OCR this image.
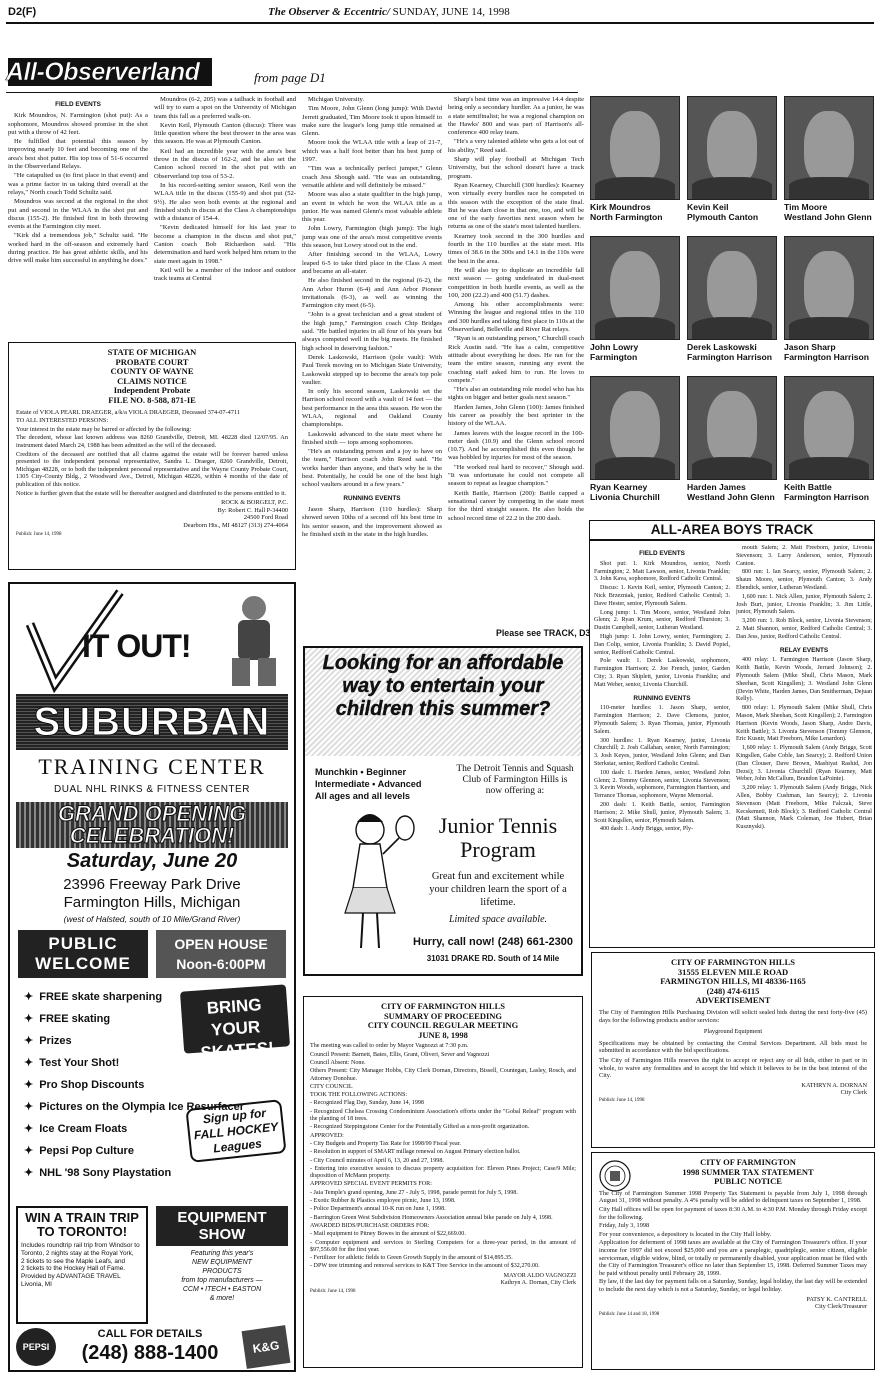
D2(F)	The Observer & Eccentric/ SUNDAY, JUNE 14, 1998
All-Observerland	from page D1

FIELD EVENTS

Kirk Moundros, N. Farmington (shot put): As a sophomore, Moundros showed promise in the shot put with a throw of 42 feet.

He fulfilled that potential this season by improving nearly 10 feet and becoming one of the area's best shot putter. His top toss of 51-6 occurred in the Observerland Relays.

"He catapulted us (to first place in that event) and was a prime factor in us taking third overall at the relays," North coach Todd Schultz said.

Moundros was second at the regional in the shot put and second in the WLAA in the shot put and discus (155-2). He finished first in both throwing events at the Farmington city meet.

"Kirk did a tremendous job," Schultz said. "He worked hard in the off-season and extremely hard during practice. He has great athletic skills, and his drive will make him successful in anything he does."

Moundros (6-2, 205) was a tailback in football and will try to earn a spot on the University of Michigan team this fall as a preferred walk-on.

Kevin Keil, Plymouth Canton (discus): There was little question where the best thrower in the area was this season. He was at Plymouth Canton.

Keil had an incredible year with the area's best throw in the discus of 162-2, and he also set the Canton school record in the shot put with an Observerland top toss of 53-2.

In his record-setting senior season, Keil won the WLAA title in the discus (155-9) and shot put (52-9½). He also won both events at the regional and finished sixth in discus at the Class A championships with a distance of 154-4.

"Kevin dedicated himself for his last year to become a champion in the discus and shot put," Canton coach Bob Richardson said. "His determination and hard work helped him return to the state meet again in 1998."

Keil will be a member of the indoor and outdoor track teams at Central

Michigan University.

Tim Moore, John Glenn (long jump): With David Jerrett graduated, Tim Moore took it upon himself to make sure the league's long jump title remained at Glenn.

Moore took the WLAA title with a leap of 21-7, which was a half foot better than his best jump of 1997.

"Tim was a technically perfect jumper," Glenn coach Jess Shough said. "He was an outstanding, versatile athlete and will definitely be missed."

Moore was also a state qualifier in the high jump, an event in which he won the WLAA title as a junior. He was named Glenn's most valuable athlete this year.

John Lowry, Farmington (high jump): The high jump was one of the area's most competitive events this season, but Lowry stood out in the end.

After finishing second in the WLAA, Lowry leaped 6-5 to take third place in the Class A meet and became an all-stater.

He also finished second in the regional (6-2), the Ann Arbor Huron (6-4) and Ann Arbor Pioneer invitationals (6-3), as well as winning the Farmington city meet (6-5).

"John is a great technician and a great student of the high jump," Farmington coach Chip Bridges said. "He battled injuries in all four of his years but always competed well in the big meets. He finished high school in deserving fashion."

Derek Laskowski, Harrison (pole vault): With Paul Terek moving on to Michigan State University, Laskowski stepped up to become the area's top pole vaulter.

In only his second season, Laskowski set the Harrison school record with a vault of 14 feet — the best performance in the area this season. He won the WLAA, regional and Oakland County championships.

Laskowski advanced to the state meet where he finished sixth — tops among sophomores.

"He's an outstanding person and a joy to have on the team," Harrison coach John Reed said. "He works harder than anyone, and that's why he is the best. Potentially, he could be one of the best high school vaulters around in a few years."

RUNNING EVENTS

Jason Sharp, Harrison (110 hurdles): Sharp showed seven 10ths of a second off his best time in his senior season, and the improvement showed as he finished sixth in the state in the high hurdles.

Sharp's best time was an impressive 14.4 despite being only a secondary hurdler. As a junior, he was a state semifinalist; he was a regional champion on the Hawks' 800 and was part of Harrison's all-conference 400 relay team.

"He's a very talented athlete who gets a lot out of his ability," Reed said.

Sharp will play football at Michigan Tech University, but the school doesn't have a track program.

Ryan Kearney, Churchill (300 hurdles): Kearney won virtually every hurdles race he competed in this season with the exception of the state final. But he was darn close in that one, too, and will be one of the early favorites next season when he returns as one of the state's most talented hurdlers.

Kearney took second in the 300 hurdles and fourth in the 110 hurdles at the state meet. His times of 38.6 in the 300s and 14.1 in the 110s were the best in the area.

He will also try to duplicate an incredible fall next season — going undefeated in dual-meet competition in both hurdle events, as well as the 100, 200 (22.2) and 400 (51.7) dashes.

Among his other accomplishments were: Winning the league and regional titles in the 110 and 300 hurdles and taking first place in 110s at the Observerland, Belleville and River Rat relays.

"Ryan is an outstanding person," Churchill coach Rick Austin said. "He has a calm, competitive attitude about everything he does. He ran for the team the entire season, running any event the coaching staff asked him to run. He loves to compete."

"He's also an outstanding role model who has his sights on bigger and better goals next season."

Harden James, John Glenn (100): James finished his career as possibly the best sprinter in the history of the WLAA.

James leaves with the league record in the 100-meter dash (10.9) and the Glenn school record (10.7). And he accomplished this even though he was hobbled by injuries for most of the season.

"He worked real hard to recover," Shough said. "It was unfortunate he could not compete all season to repeat as league champion."

Keith Battle, Harrison (200): Battle capped a sensational career by competing in the state meet for the third straight season. He also holds the school record time of 22.2 in the 200 dash.

Please see TRACK, D3
Kirk Moundros
North Farmington
Kevin Keil
Plymouth Canton
Tim Moore
Westland John Glenn
John Lowry
Farmington
Derek Laskowski
Farmington Harrison
Jason Sharp
Farmington Harrison
Ryan Kearney
Livonia Churchill
Harden James
Westland John Glenn
Keith Battle
Farmington Harrison
ALL-AREA BOYS TRACK

FIELD EVENTS

Shot put: 1. Kirk Moundros, senior, North Farmington; 2. Matt Lawson, senior, Livonia Franklin; 3. John Kava, sophomore, Redford Catholic Central.

Discus: 1. Kevin Keil, senior, Plymouth Canton; 2. Nick Brzezniak, junior, Redford Catholic Central; 3. Dave Hester, senior, Plymouth Salem.

Long jump: 1. Tim Moore, senior, Westland John Glenn; 2. Ryan Krum, senior, Redford Thurston; 3. Dustin Campbell, senior, Lutheran Westland.

High jump: 1. John Lowry, senior, Farmington; 2. Dan Colip, senior, Livonia Franklin; 3. David Popiel, senior, Redford Catholic Central.

Pole vault: 1. Derek Laskowski, sophomore, Farmington Harrison; 2. Joe French, junior, Garden City; 3. Ryan Shiplett, junior, Livonia Franklin; and Matt Weber, senior, Livonia Churchill.

RUNNING EVENTS

110-meter hurdles: 1. Jason Sharp, senior, Farmington Harrison; 2. Dave Clemons, junior, Plymouth Salem; 3. Ryan Thomas, junior, Plymouth Salem.

300 hurdles: 1. Ryan Kearney, junior, Livonia Churchill; 2. Josh Callahan, senior, North Farmington; 3. Josh Keyes, junior, Westland John Glenn; and Dan Sterkstar, senior, Redford Catholic Central.

100 dash: 1. Harden James, senior, Westland John Glenn; 2. Tommy Glennon, senior, Livonia Stevenson; 3. Kevin Woods, sophomore, Farmington Harrison, and Terrance Thomas, sophomore, Wayne Memorial.

200 dash: 1. Keith Battle, senior, Farmington Harrison; 2. Mike Shull, junior, Plymouth Salem; 3. Scott Kingsllen, senior, Plymouth Salem.

400 dash: 1. Andy Briggs, senior, Ply-

mouth Salem; 2. Matt Freeborn, junior, Livonia Stevenson; 3. Larry Anderson, senior, Plymouth Canton.

800 run: 1. Ian Searcy, senior, Plymouth Salem; 2. Shaun Moore, senior, Plymouth Canton; 3. Andy Ebendick, senior, Lutheran Westland.

1,600 run: 1. Nick Allen, junior, Plymouth Salem; 2. Josh Burt, junior, Livonia Franklin; 3. Jim Little, junior, Plymouth Salem.

3,200 run: 1. Rob Block, senior, Livonia Stevenson; 2. Matt Shannon, senior, Redford Catholic Central; 3. Dan Jess, junior, Redford Catholic Central.

RELAY EVENTS

400 relay: 1. Farmington Harrison (Jason Sharp, Keith Battle, Kevin Woods, Jerrard Johnson); 2. Plymouth Salem (Mike Shull, Chris Mason, Mark Sheehan, Scott Kingsllen); 3. Westland John Glenn (Devin White, Harden James, Dan Smitherman, Dejuan Kelly).

800 relay: 1. Plymouth Salem (Mike Shull, Chris Mason, Mark Sheehan, Scott Kingsllen); 2. Farmington Harrison (Kevin Woods, Jason Sharp, Andre Davis, Keith Battle); 3. Livonia Stevenson (Tommy Glennon, Eric Kusnir, Matt Freeborn, Mike Lenardon).

1,600 relay: 1. Plymouth Salem (Andy Briggs, Scott Kingsllen, Gabe Coble, Ian Searcy); 2. Redford Union (Dan Clouser, Dave Brown, Mashiyat Rashid, Jon Dezsi); 3. Livonia Churchill (Ryan Kearney, Matt Weber, John McCallum, Brandon LaPointe).

3,200 relay: 1. Plymouth Salem (Andy Briggs, Nick Allen, Bobby Cushman, Ian Searcy); 2. Livonia Stevenson (Matt Freeborn, Mike Falczak, Steve Kecskemeti, Rob Block); 3. Redford Catholic Central (Matt Shannon, Mark Coleman, Joe Hubert, Brian Kusznyski).

STATE OF MICHIGAN
PROBATE COURT
COUNTY OF WAYNE
CLAIMS NOTICE
Independent Probate
FILE NO. 8-588, 871-IE
Estate of VIOLA PEARL DRAEGER, a/k/a VIOLA DRAEGER, Deceased 374-07-4711
TO ALL INTERESTED PERSONS:
Your interest in the estate may be barred or affected by the following:
The decedent, whose last known address was 8260 Grandville, Detroit, MI. 48228 died 12/07/95. An instrument dated March 24, 1988 has been admitted as the will of the deceased.
Creditors of the deceased are notified that all claims against the estate will be forever barred unless presented to the independent personal representative, Sandra L. Draeger, 8260 Grandville, Detroit, Michigan 48228, or to both the independent personal representative and the Wayne County Probate Court, 1305 City-County Bldg., 2 Woodward Ave., Detroit, Michigan 48226, within 4 months of the date of publication of this notice.
Notice is further given that the estate will be thereafter assigned and distributed to the persons entitled to it.
ROCK & BORGELT, P.C.
By: Robert C. Hall P-34400
24500 Ford Road
Dearborn Hts., MI 48127 (313) 274-4064
Publish: June 14, 1998
IT OUT!
SUBURBAN
TRAINING CENTER
DUAL NHL RINKS & FITNESS CENTER
GRAND OPENING CELEBRATION!
Saturday, June 20
23996 Freeway Park Drive
Farmington Hills, Michigan
(west of Halsted, south of 10 Mile/Grand River)
PUBLIC WELCOME
OPEN HOUSE Noon-6:00PM
✦ FREE skate sharpening
✦ FREE skating
✦ Prizes
✦ Test Your Shot!
✦ Pro Shop Discounts
✦ Pictures on the Olympia Ice Resurfacer
✦ Ice Cream Floats
✦ Pepsi Pop Culture
✦ NHL '98 Sony Playstation
BRING YOUR SKATES!
Sign up for FALL HOCKEY Leagues
WIN A TRAIN TRIP TO TORONTO!
Includes roundtrip rail trip from Windsor to Toronto, 2 nights stay at the Royal York,
2 tickets to see the Maple Leafs, and
2 tickets to the Hockey Hall of Fame.
Provided by ADVANTAGE TRAVEL Livonia, MI
EQUIPMENT SHOW
Featuring this year's
NEW EQUIPMENT
PRODUCTS
from top manufacturers —
CCM • ITECH • EASTON
& more!
PEPSI
CALL FOR DETAILS
(248) 888-1400	K&G
Looking for an affordable way to entertain your children this summer?
Munchkin • Beginner
Intermediate • Advanced
All ages and all levels
The Detroit Tennis and Squash Club of Farmington Hills is now offering a:
Junior Tennis Program
Great fun and excitement while your children learn the sport of a lifetime.
Limited space available.
Hurry, call now! (248) 661-2300
31031 DRAKE RD. South of 14 Mile
CITY OF FARMINGTON HILLS
SUMMARY OF PROCEEDING
CITY COUNCIL REGULAR MEETING
JUNE 8, 1998
The meeting was called to order by Mayor Vagnozzi at 7:30 p.m.
Council Present: Barnett, Bates, Ellis, Grant, Oliveri, Sever and Vagnozzi
Council Absent: None.
Others Present: City Manager Hobbs, City Clerk Dornan, Directors, Bissell, Countegan, Lasley, Rosch, and Attorney Donohue.
CITY COUNCIL
TOOK THE FOLLOWING ACTIONS:
- Recognized Flag Day, Sunday, June 14, 1998
- Recognized Chelsea Crossing Condominium Association's efforts under the "Gobal Releaf" program with the planting of 18 trees.
- Recognized Steppingstone Center for the Potentially Gifted as a non-profit organization.
APPROVED:
- City Budgets and Property Tax Rate for 1998/99 Fiscal year.
- Resolution in support of SMART millage renewal on August Primary election ballot.
- City Council minutes of April 6, 13, 20 and 27, 1998.
- Entering into executive session to discuss property acquisition for: Eleven Pines Project; Case/9 Mile; disposition of McMann property.
APPROVED SPECIAL EVENT PERMITS FOR:
- Jaia Temple's grand opening, June 27 - July 5, 1998, parade permit for July 5, 1998.
- Exotic Rubber & Plastics employee picnic, June 13, 1998.
- Police Department's annual 10-K run on June 1, 1998.
- Barrington Green West Subdivision Homeowners Association annual bike parade on July 4, 1998.
AWARDED BIDS/PURCHASE ORDERS FOR:
- Mail equipment to Pitney Bowes in the amount of $22,669.00.
- Computer equipment and services to Sterling Computers for a three-year period, in the amount of $97,556.00 for the first year.
- Fertilizer for athletic fields to Green Growth Supply in the amount of $14,895.35.
- DPW tree trimming and removal services to K&T Tree Service in the amount of $32,270.00.
MAYOR ALDO VAGNOZZI
Kathryn A. Dornan, City Clerk
Publish: June 14, 1998
CITY OF FARMINGTON HILLS
31555 ELEVEN MILE ROAD
FARMINGTON HILLS, MI 48336-1165
(248) 474-6115
ADVERTISEMENT
The City of Farmington Hills Purchasing Division will solicit sealed bids during the next forty-five (45) days for the following products and/or services:
Playground Equipment
Specifications may be obtained by contacting the Central Services Department. All bids must be submitted in accordance with the bid specifications.
The City of Farmington Hills reserves the right to accept or reject any or all bids, either in part or in whole, to waive any formalities and to accept the bid which it believes to be in the best interest of the City.
KATHRYN A. DORNAN
City Clerk
Publish: June 14, 1998
CITY OF FARMINGTON
1998 SUMMER TAX STATEMENT
PUBLIC NOTICE
The City of Farmington Summer 1998 Property Tax Statement is payable from July 1, 1998 through August 31, 1998 without penalty. A 4% penalty will be added to delinquent taxes on September 1, 1998.
City Hall offices will be open for payment of taxes 8:30 A.M. to 4:30 P.M. Monday through Friday except for the following.
Friday, July 3, 1998
For your convenience, a depository is located in the City Hall lobby.
Application for deferment of 1998 taxes are available at the City of Farmington Treasurer's office. If your income for 1997 did not exceed $25,000 and you are a paraplegic, quadriplegic, senior citizen, eligible serviceman, eligible widow, blind, or totally or permanently disabled, your application must be filed with the City of Farmington Treasurer's office no later than September 15, 1998. Deferred Summer Taxes may be paid without penalty until February 28, 1999.
By law, if the last day for payment falls on a Saturday, Sunday, legal holiday, the last day will be extended to include the next day which is not a Saturday, Sunday, or legal holiday.
PATSY K. CANTRELL
City Clerk/Treasurer
Publish: June 14 and 18, 1998
